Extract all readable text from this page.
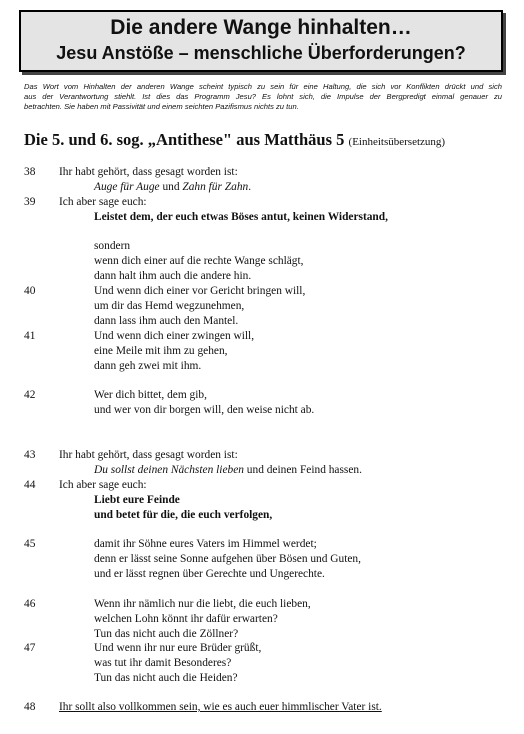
Die andere Wange hinhalten…
Jesu Anstöße – menschliche Überforderungen?
Das Wort vom Hinhalten der anderen Wange scheint typisch zu sein für eine Haltung, die sich vor Konflikten drückt und sich
aus der Verantwortung stiehlt. Ist dies das Programm Jesu? Es lohnt sich, die Impulse der Bergpredigt einmal genauer zu
betrachten. Sie haben mit Passivität und einem seichten Pazifismus nichts zu tun.
Die 5. und 6. sog. „Antithese" aus Matthäus 5 (Einheitsübersetzung)
38 Ihr habt gehört, dass gesagt worden ist:
Auge für Auge und Zahn für Zahn.
39 Ich aber sage euch:
Leistet dem, der euch etwas Böses antut, keinen Widerstand,
sondern
wenn dich einer auf die rechte Wange schlägt,
dann halt ihm auch die andere hin.
40	Und wenn dich einer vor Gericht bringen will,
um dir das Hemd wegzunehmen,
dann lass ihm auch den Mantel.
41	Und wenn dich einer zwingen will,
eine Meile mit ihm zu gehen,
dann geh zwei mit ihm.
42	Wer dich bittet, dem gib,
und wer von dir borgen will, den weise nicht ab.
43 Ihr habt gehört, dass gesagt worden ist:
Du sollst deinen Nächsten lieben und deinen Feind hassen.
44 Ich aber sage euch:
Liebt eure Feinde
und betet für die, die euch verfolgen,
45	damit ihr Söhne eures Vaters im Himmel werdet;
denn er lässt seine Sonne aufgehen über Bösen und Guten,
und er lässt regnen über Gerechte und Ungerechte.
46	Wenn ihr nämlich nur die liebt, die euch lieben,
welchen Lohn könnt ihr dafür erwarten?
Tun das nicht auch die Zöllner?
47	Und wenn ihr nur eure Brüder grüßt,
was tut ihr damit Besonderes?
Tun das nicht auch die Heiden?
48 Ihr sollt also vollkommen sein, wie es auch euer himmlischer Vater ist.
